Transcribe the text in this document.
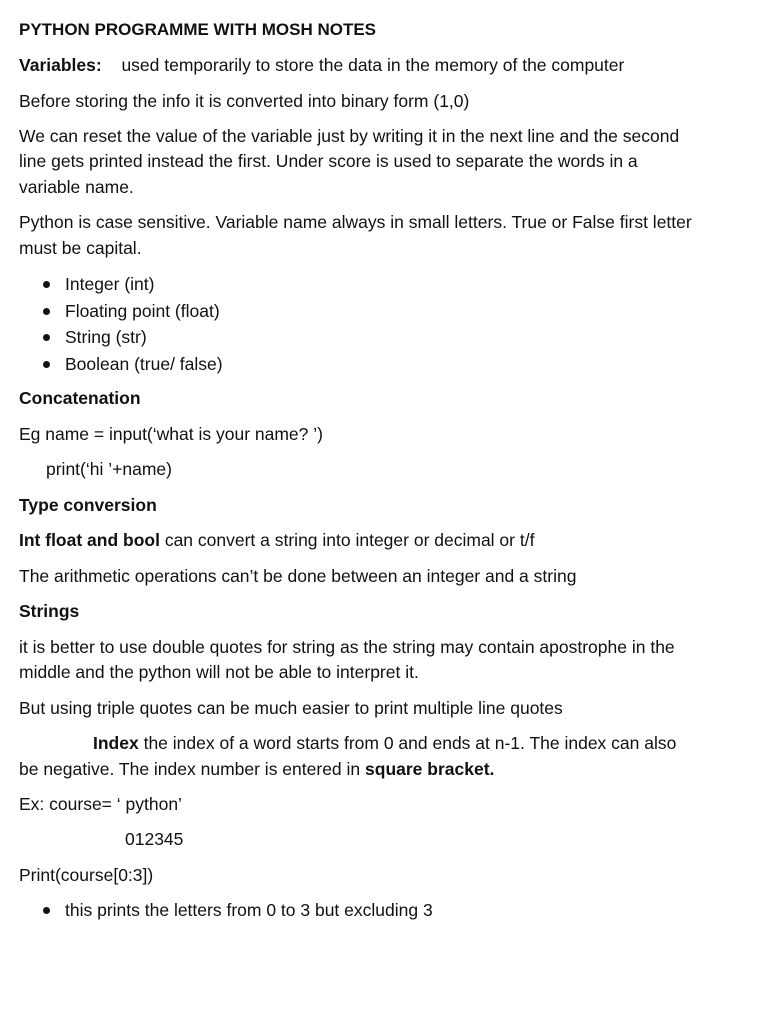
PYTHON PROGRAMME WITH MOSH NOTES
Variables: used temporarily to store the data in the memory of the computer
Before storing the info it is converted into binary form (1,0)
We can reset the value of the variable just by writing it in the next line and the second
line gets printed instead the first. Under score is used to separate the words in a
variable name.
Python is case sensitive. Variable name always in small letters. True or False first letter
must be capital.
Integer (int)
Floating point (float)
String (str)
Boolean (true/ false)
Concatenation
Eg name = input(‘what is your name? ’)
print(‘hi ’+name)
Type conversion
Int float and bool can convert a string into integer or decimal or t/f
The arithmetic operations can’t be done between an integer and a string
Strings
it is better to use double quotes for string as the string may contain apostrophe in the
middle and the python will not be able to interpret it.
But using triple quotes can be much easier to print multiple line quotes
Index the index of a word starts from 0 and ends at n-1. The index can also
be negative. The index number is entered in square bracket.
Ex: course= ‘ python’
012345
Print(course[0:3])
this prints the letters from 0 to 3 but excluding 3
